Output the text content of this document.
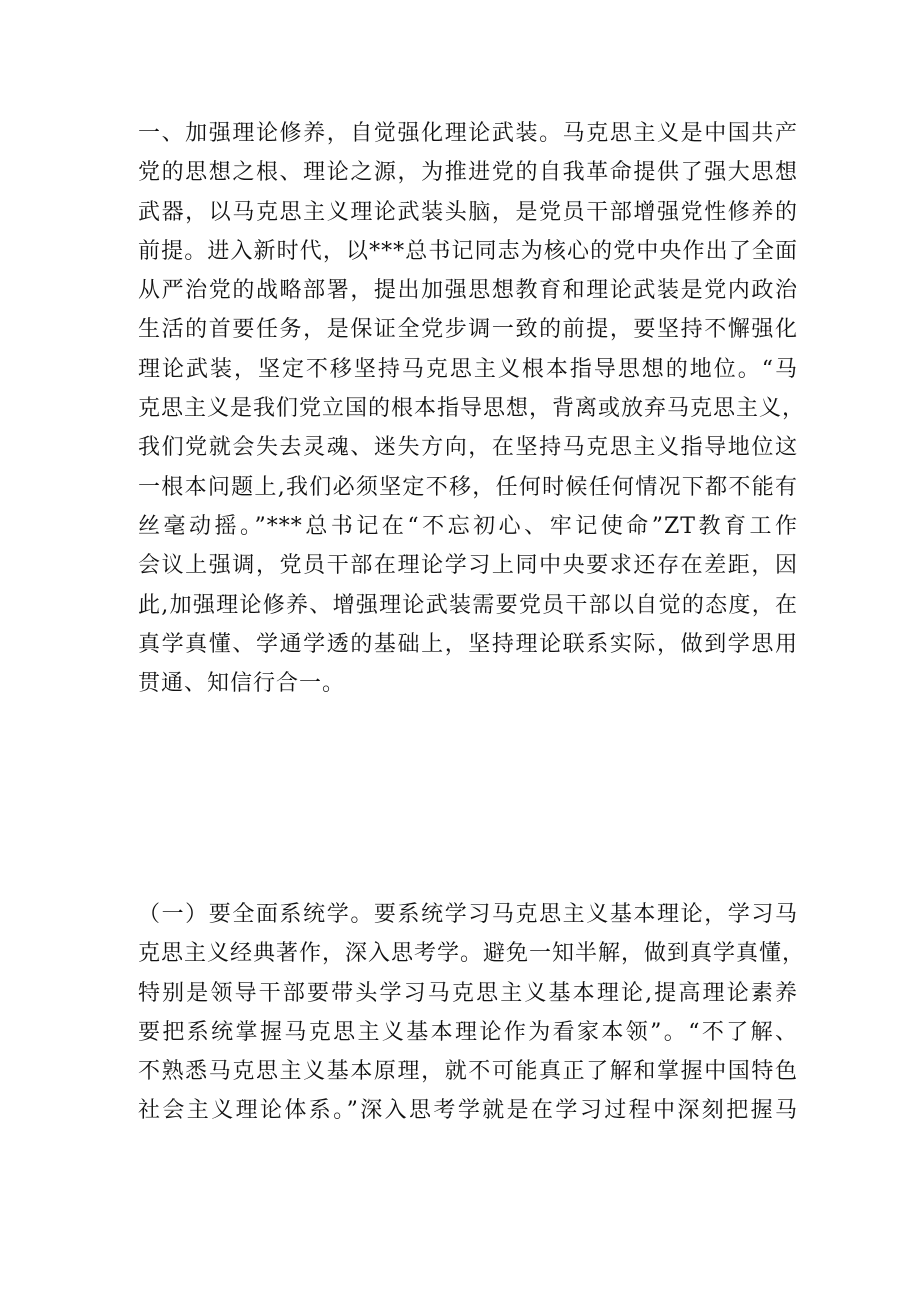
一、加强理论修养，自觉强化理论武装。马克思主义是中国共产
党的思想之根、理论之源，为推进党的自我革命提供了强大思想
武器，以马克思主义理论武装头脑，是党员干部增强党性修养的
前提。进入新时代，以***总书记同志为核心的党中央作出了全面
从严治党的战略部署，提出加强思想教育和理论武装是党内政治
生活的首要任务，是保证全党步调一致的前提，要坚持不懈强化
理论武装，坚定不移坚持马克思主义根本指导思想的地位。“马
克思主义是我们党立国的根本指导思想，背离或放弃马克思主义，
我们党就会失去灵魂、迷失方向，在坚持马克思主义指导地位这
一根本问题上,我们必须坚定不移，任何时候任何情况下都不能有
丝毫动摇。”***总书记在“不忘初心、牢记使命”ZT教育工作
会议上强调，党员干部在理论学习上同中央要求还存在差距，因
此,加强理论修养、增强理论武装需要党员干部以自觉的态度，在
真学真懂、学通学透的基础上，坚持理论联系实际，做到学思用
贯通、知信行合一。
（一）要全面系统学。要系统学习马克思主义基本理论，学习马
克思主义经典著作，深入思考学。避免一知半解，做到真学真懂，
特别是领导干部要带头学习马克思主义基本理论,提高理论素养
要把系统掌握马克思主义基本理论作为看家本领”。“不了解、
不熟悉马克思主义基本原理，就不可能真正了解和掌握中国特色
社会主义理论体系。”深入思考学就是在学习过程中深刻把握马
